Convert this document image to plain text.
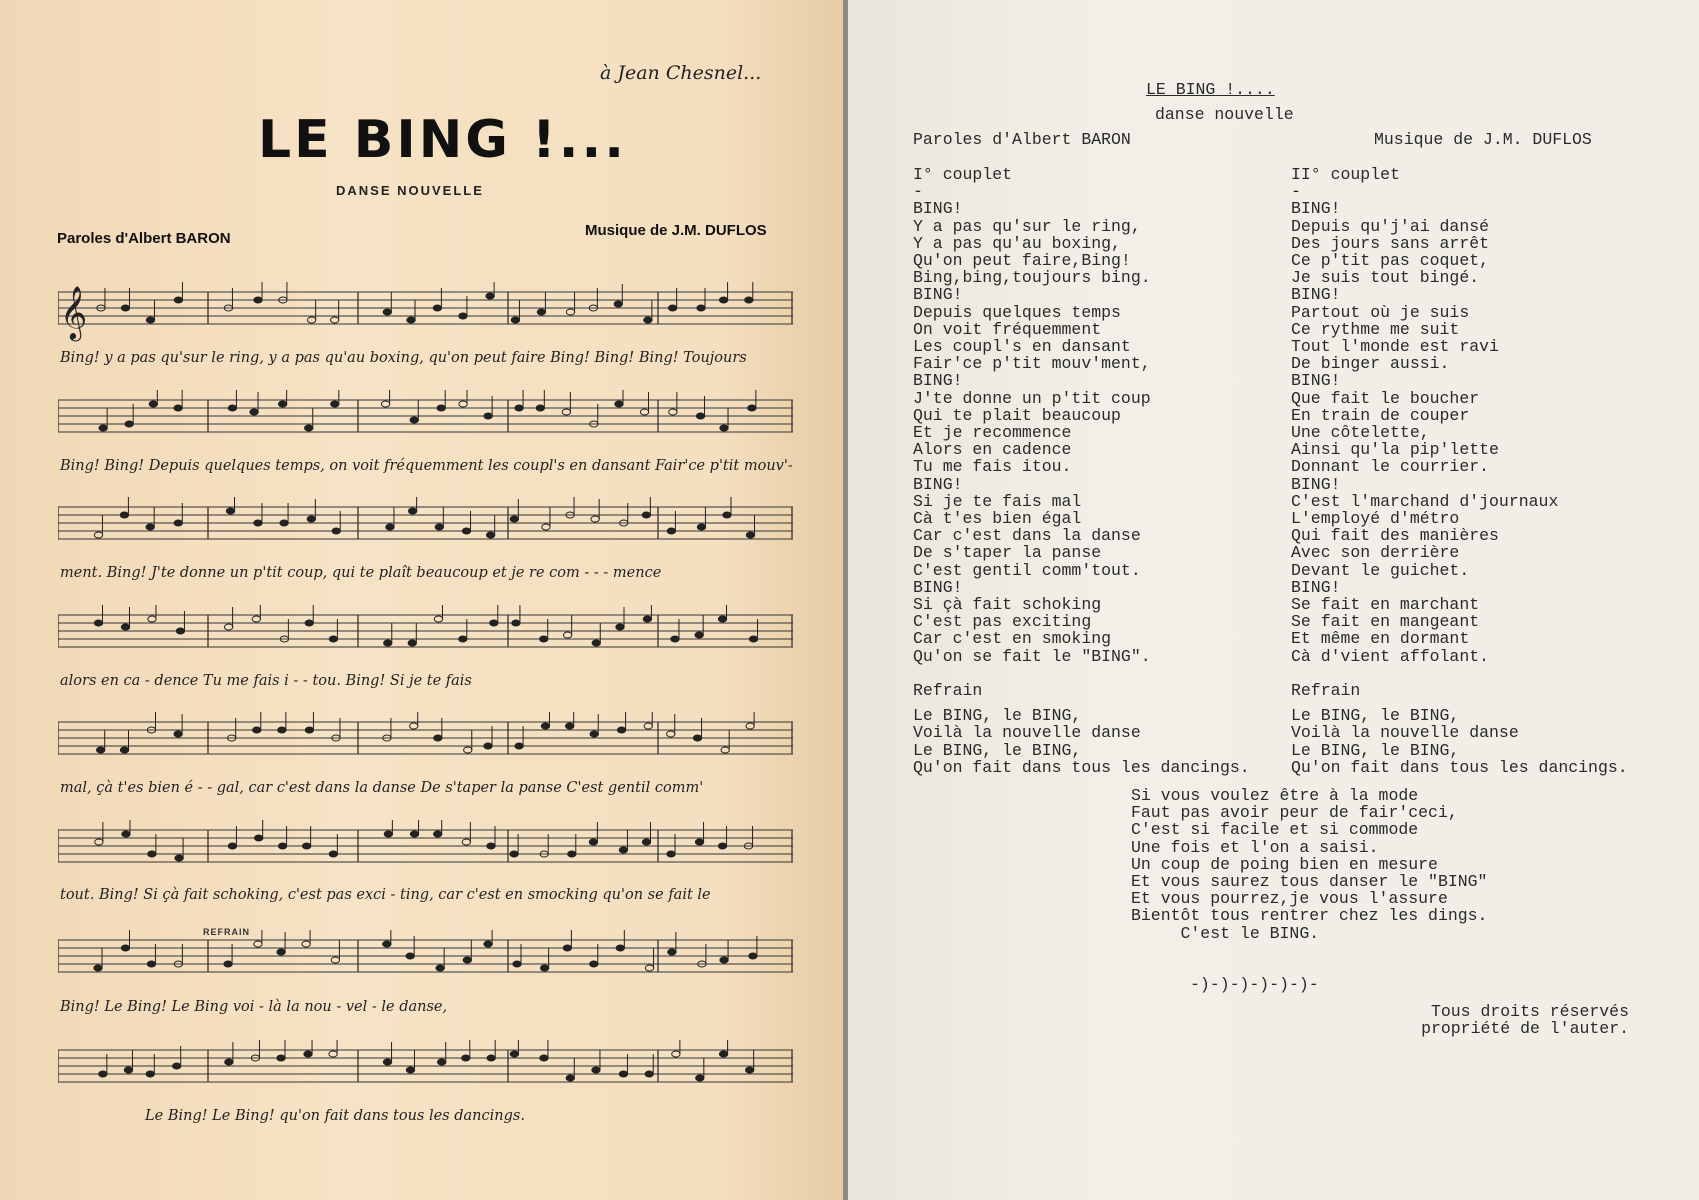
à Jean Chesnel...
LE BING !...
DANSE NOUVELLE
Paroles d'Albert BARON	Musique de J.M. DUFLOS
𝄞
REFRAIN
Bing! y a pas qu'sur le ring, y a pas qu'au boxing, qu'on peut faire Bing! Bing! Bing! Toujours
Bing! Bing! Depuis quelques temps, on voit fréquemment les coupl's en dansant Fair'ce p'tit mouv'-
ment. Bing! J'te donne un p'tit coup, qui te plaît beaucoup et je re com - - - mence
alors en ca - dence Tu me fais i - - tou. Bing! Si je te fais
mal, çà t'es bien é - - gal, car c'est dans la danse De s'taper la panse C'est gentil comm'
tout. Bing! Si çà fait schoking, c'est pas exci - ting, car c'est en smocking qu'on se fait le
Bing! Le Bing! Le Bing voi - là la nou - vel - le danse,
Le Bing! Le Bing! qu'on fait dans tous les dancings.
LE BING !....
danse nouvelle
Paroles d'Albert BARON	Musique de J.M. DUFLOS
I° couplet
-
BING!
Y a pas qu'sur le ring,
Y a pas qu'au boxing,
Qu'on peut faire,Bing!
Bing,bing,toujours bing.
BING!
Depuis quelques temps
On voit fréquemment
Les coupl's en dansant
Fair'ce p'tit mouv'ment,
BING!
J'te donne un p'tit coup
Qui te plait beaucoup
Et je recommence
Alors en cadence
Tu me fais itou.
BING!
Si je te fais mal
Cà t'es bien égal
Car c'est dans la danse
De s'taper la panse
C'est gentil comm'tout.
BING!
Si çà fait schoking
C'est pas exciting
Car c'est en smoking
Qu'on se fait le "BING".
Refrain
Le BING, le BING,
Voilà la nouvelle danse
Le BING, le BING,
Qu'on fait dans tous les dancings.
II° couplet
-
BING!
Depuis qu'j'ai dansé
Des jours sans arrêt
Ce p'tit pas coquet,
Je suis tout bingé.
BING!
Partout où je suis
Ce rythme me suit
Tout l'monde est ravi
De binger aussi.
BING!
Que fait le boucher
En train de couper
Une côtelette,
Ainsi qu'la pip'lette
Donnant le courrier.
BING!
C'est l'marchand d'journaux
L'employé d'métro
Qui fait des manières
Avec son derrière
Devant le guichet.
BING!
Se fait en marchant
Se fait en mangeant
Et même en dormant
Cà d'vient affolant.
Refrain
Le BING, le BING,
Voilà la nouvelle danse
Le BING, le BING,
Qu'on fait dans tous les dancings.
Si vous voulez être à la mode
Faut pas avoir peur de fair'ceci,
C'est si facile et si commode
Une fois et l'on a saisi.
Un coup de poing bien en mesure
Et vous saurez tous danser le "BING"
Et vous pourrez,je vous l'assure
Bientôt tous rentrer chez les dings.
C'est le BING.
-)-)-)-)-)-)-
Tous droits réservés
propriété de l'auter.
